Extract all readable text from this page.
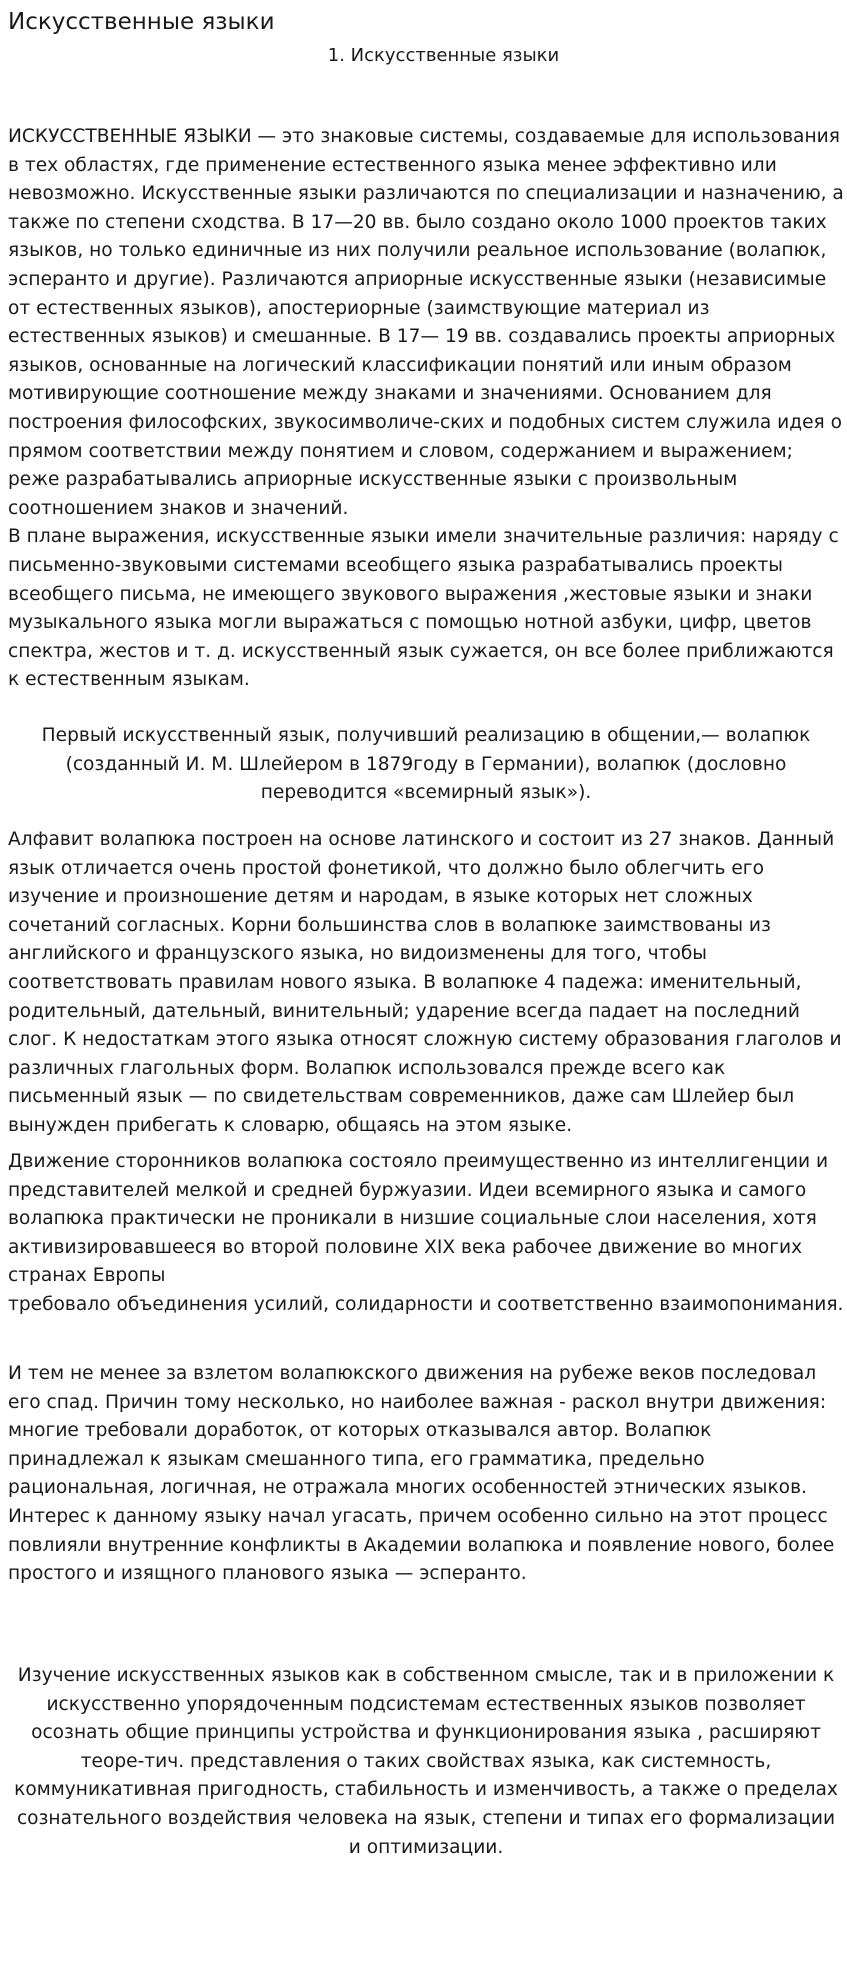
Искусственные языки

1. Искусственные языки

ИСКУССТВЕННЫЕ ЯЗЫКИ — это знаковые системы, создаваемые для использования в тех областях, где применение естественного языка менее эффективно или невозможно. Искусственные языки различаются по специализации и назначению, а также по степени сходства. В 17—20 вв. было создано около 1000 проектов таких языков, но только единичные из них получили реальное использование (волапюк, эсперанто и другие). Различаются априорные искусственные языки (независимые от естественных языков), апостериорные (заимствующие материал из естественных языков) и смешанные. В 17— 19 вв. создавались проекты априорных языков, основанные на логический классификации понятий или иным образом мотивирующие соотношение между знаками и значениями. Основанием для построения философских, звукосимволиче-ских и подобных систем служила идея о прямом соответствии между понятием и словом, содержанием и выражением; реже разрабатывались априорные искусственные языки с произвольным соотношением знаков и значений.
В плане выражения, искусственные языки имели значительные различия: наряду с письменно-звуковыми системами всеобщего языка разрабатывались проекты всеобщего письма, не имеющего звукового выражения ,жестовые языки и знаки музыкального языка могли выражаться с помощью нотной азбуки, цифр, цветов спектра, жестов и т. д. искусственный язык сужается, он все более приближаются к естественным языкам.

Первый искусственный язык, получивший реализацию в общении,— волапюк (созданный И. М. Шлейером в 1879году в Германии), волапюк (дословно переводится «всемирный язык»).

Алфавит волапюка построен на основе латинского и состоит из 27 знаков. Данный язык отличается очень простой фонетикой, что должно было облегчить его изучение и произношение детям и народам, в языке которых нет сложных сочетаний согласных. Корни большинства слов в волапюке заимствованы из английского и французского языка, но видоизменены для того, чтобы соответствовать правилам нового языка. В волапюке 4 падежа: именительный, родительный, дательный, винительный; ударение всегда падает на последний слог. К недостаткам этого языка относят сложную систему образования глаголов и различных глагольных форм. Волапюк использовался прежде всего как письменный язык — по свидетельствам современников, даже сам Шлейер был вынужден прибегать к словарю, общаясь на этом языке.

Движение сторонников волапюка состояло преимущественно из интеллигенции и представителей мелкой и средней буржуазии. Идеи всемирного языка и самого волапюка практически не проникали в низшие социальные слои населения, хотя активизировавшееся во второй половине XIX века рабочее движение во многих странах Европы
требовало объединения усилий, солидарности и соответственно взаимопонимания.

И тем не менее за взлетом волапюкского движения на рубеже веков последовал его спад. Причин тому несколько, но наиболее важная - раскол внутри движения: многие требовали доработок, от которых отказывался автор. Волапюк принадлежал к языкам смешанного типа, его грамматика, предельно рациональная, логичная, не отражала многих особенностей этнических языков. Интерес к данному языку начал угасать, причем особенно сильно на этот процесс повлияли внутренние конфликты в Академии волапюка и появление нового, более простого и изящного планового языка — эсперанто.

Изучение искусственных языков как в собственном смысле, так и в приложении к искусственно упорядоченным подсистемам естественных языков позволяет осознать общие принципы устройства и функционирования языка , расширяют теоре-тич. представления о таких свойствах языка, как системность, коммуникативная пригодность, стабильность и изменчивость, а также о пределах сознательного воздействия человека на язык, степени и типах его формализации и оптимизации.
